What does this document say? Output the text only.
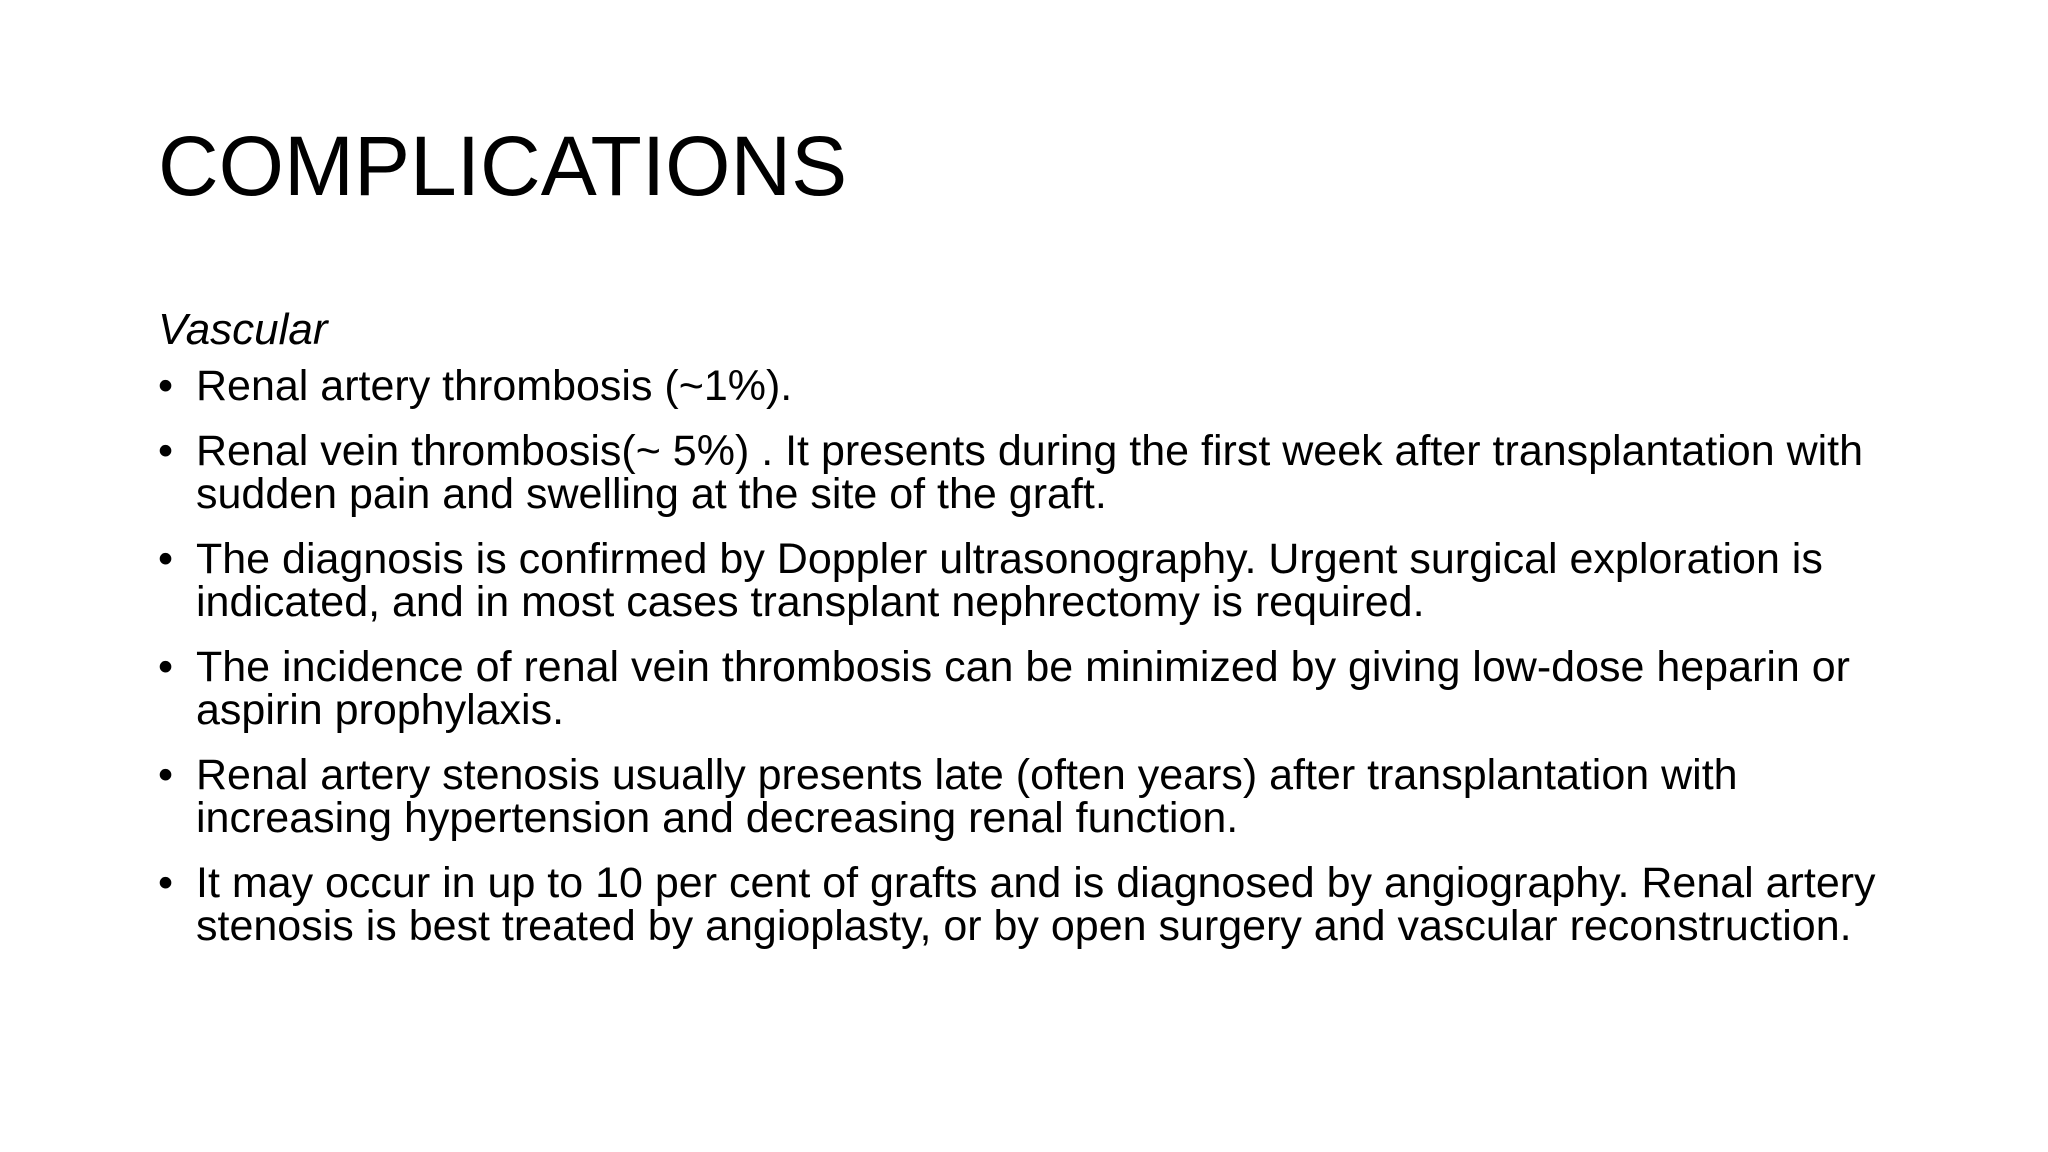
COMPLICATIONS

Vascular

• Renal artery thrombosis (~1%).
• Renal vein thrombosis(~ 5%) . It presents during the first week after transplantation with sudden pain and swelling at the site of the graft.
• The diagnosis is confirmed by Doppler ultrasonography. Urgent surgical exploration is indicated, and in most cases transplant nephrectomy is required.
• The incidence of renal vein thrombosis can be minimized by giving low-dose heparin or aspirin prophylaxis.
• Renal artery stenosis usually presents late (often years) after transplantation with increasing hypertension and decreasing renal function.
• It may occur in up to 10 per cent of grafts and is diagnosed by angiography. Renal artery stenosis is best treated by angioplasty, or by open surgery and vascular reconstruction.
